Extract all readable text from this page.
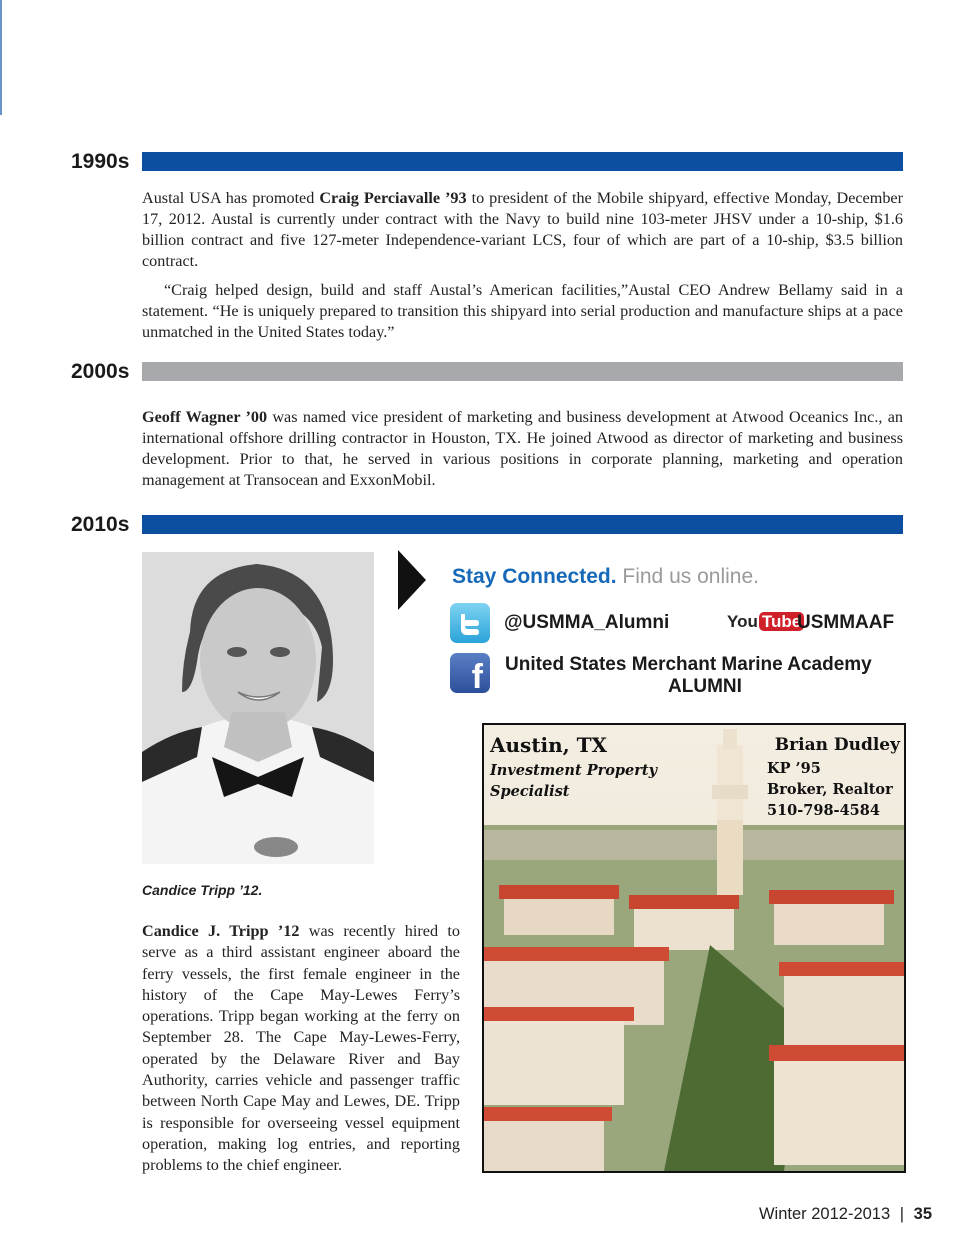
1990s

Austal USA has promoted Craig Perciavalle ’93 to president of the Mobile shipyard, effective Monday, December 17, 2012. Austal is currently under contract with the Navy to build nine 103-meter JHSV under a 10-ship, $1.6 billion contract and five 127-meter Independence-variant LCS, four of which are part of a 10-ship, $3.5 billion contract.

“Craig helped design, build and staff Austal’s American facilities,”Austal CEO Andrew Bellamy said in a statement. “He is uniquely prepared to transition this shipyard into serial production and manufacture ships at a pace unmatched in the United States today.”

2000s

Geoff Wagner ’00 was named vice president of marketing and business development at Atwood Oceanics Inc., an international offshore drilling contractor in Houston, TX. He joined Atwood as director of marketing and business development. Prior to that, he served in various positions in corporate planning, marketing and operation management at Transocean and ExxonMobil.

2010s
Candice Tripp ’12.
Candice J. Tripp ’12 was recently hired to serve as a third assistant engineer aboard the ferry vessels, the first female engineer in the history of the Cape May-Lewes Ferry’s operations. Tripp began working at the ferry on September 28. The Cape May-Lewes-Ferry, operated by the Delaware River and Bay Authority, carries vehicle and passenger traffic between North Cape May and Lewes, DE. Tripp is responsible for overseeing vessel equipment operation, making log entries, and reporting problems to the chief engineer.
Stay Connected. Find us online.
@USMMA_Alumni	You Tube
USMMAAF
f	United States Merchant Marine Academy
ALUMNI
Austin, TX
Investment Property
Specialist
Brian Dudley
KP ’95
Broker, Realtor
510-798-4584
Winter 2012-2013 | 35
